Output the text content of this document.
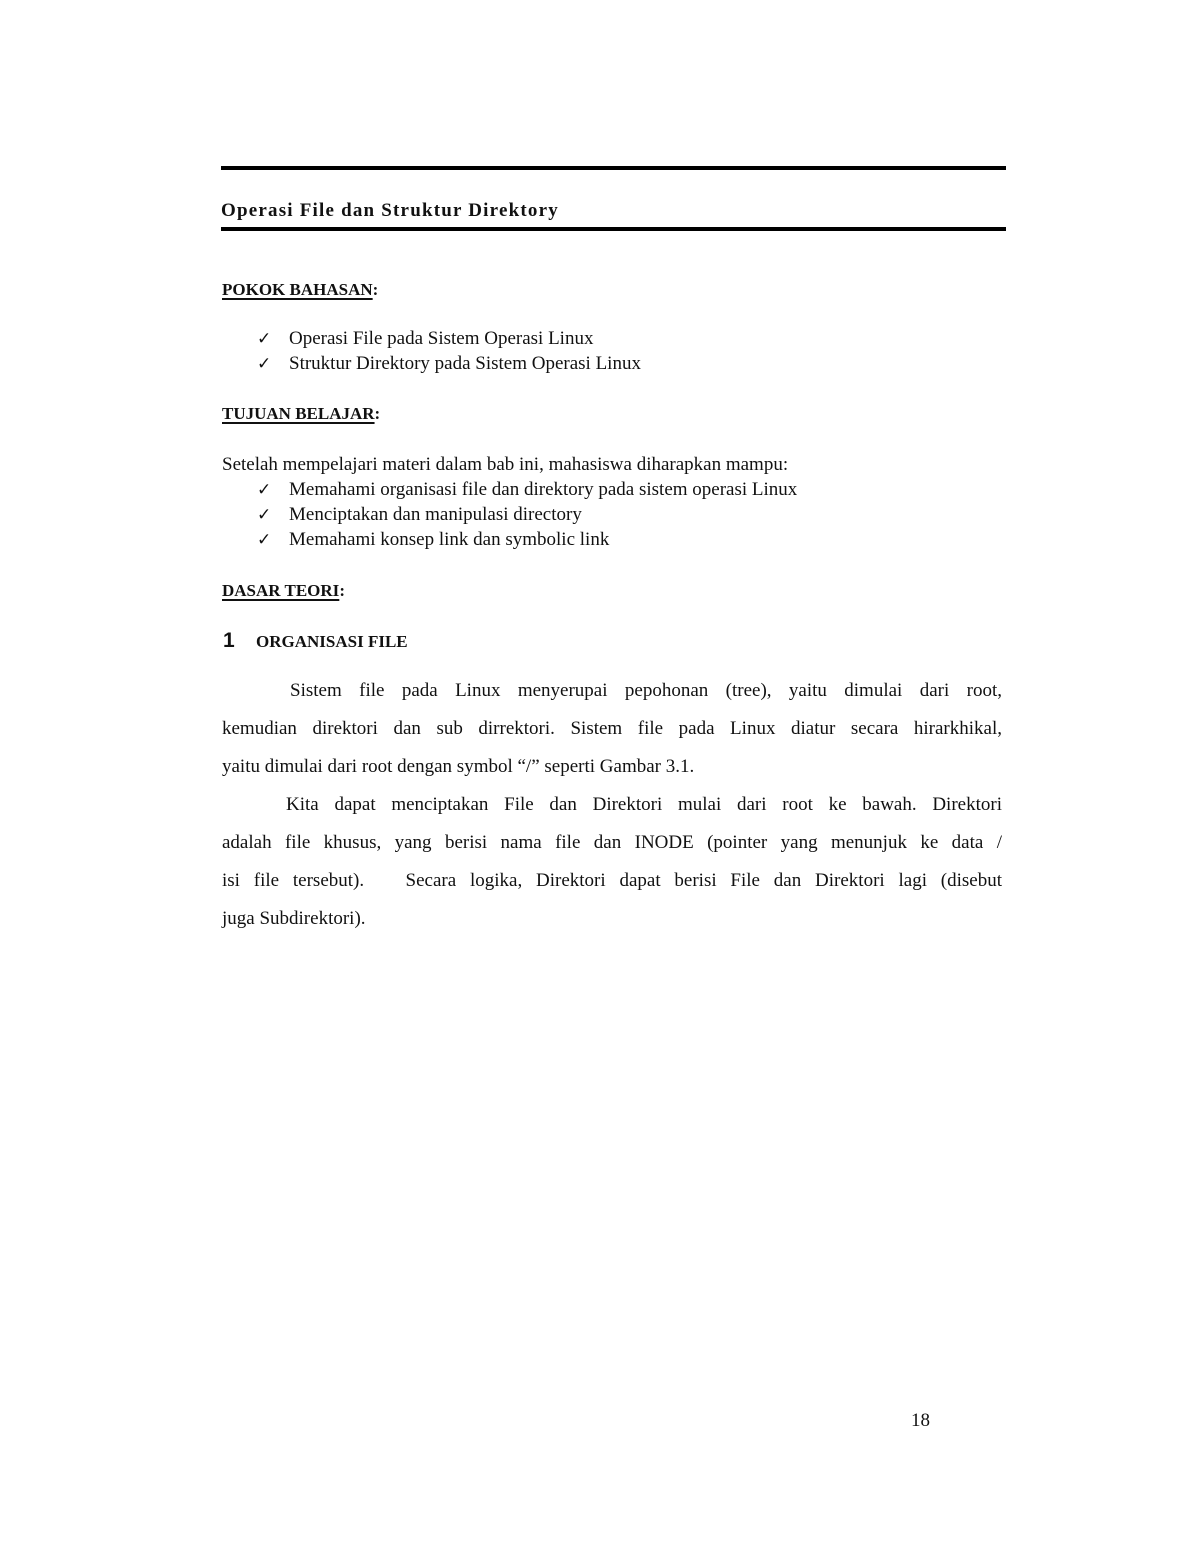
Operasi File dan Struktur Direktory
POKOK BAHASAN:
✓ Operasi File pada Sistem Operasi Linux
✓ Struktur Direktory pada Sistem Operasi Linux
TUJUAN BELAJAR:
Setelah mempelajari materi dalam bab ini, mahasiswa diharapkan mampu:
✓ Memahami organisasi file dan direktory pada sistem operasi Linux
✓ Menciptakan dan manipulasi directory
✓ Memahami konsep link dan symbolic link
DASAR TEORI:
1 ORGANISASI FILE
Sistem file pada Linux menyerupai pepohonan (tree), yaitu dimulai dari root,
kemudian direktori dan sub dirrektori. Sistem file pada Linux diatur secara hirarkhikal,
yaitu dimulai dari root dengan symbol “/” seperti Gambar 3.1.
Kita dapat menciptakan File dan Direktori mulai dari root ke bawah. Direktori
adalah file khusus, yang berisi nama file dan INODE (pointer yang menunjuk ke data /
isi file tersebut).   Secara logika, Direktori dapat berisi File dan Direktori lagi (disebut
juga Subdirektori).
18
